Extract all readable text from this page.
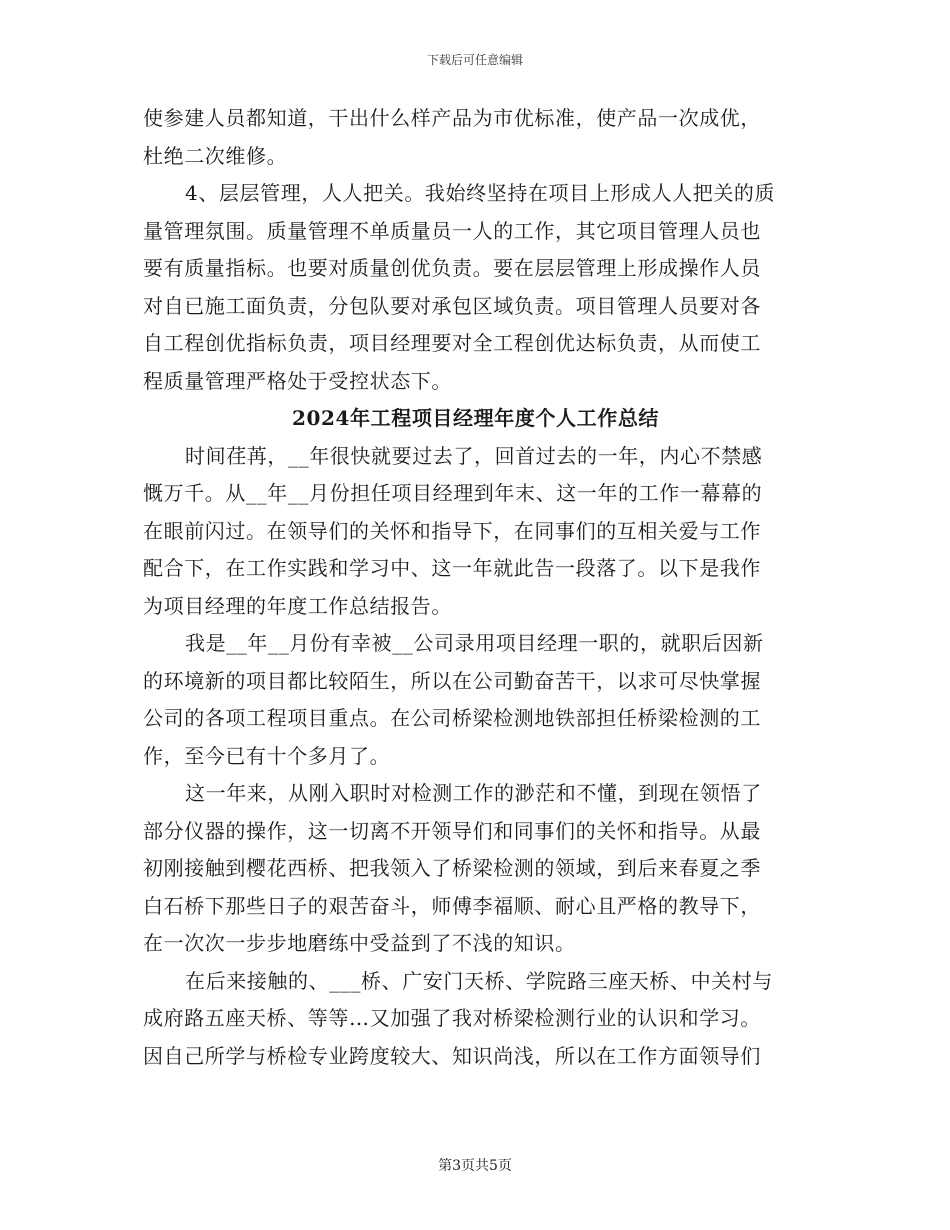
下载后可任意编辑
使参建人员都知道，干出什么样产品为市优标准，使产品一次成优，
杜绝二次维修。
4、层层管理，人人把关。我始终坚持在项目上形成人人把关的质
量管理氛围。质量管理不单质量员一人的工作，其它项目管理人员也
要有质量指标。也要对质量创优负责。要在层层管理上形成操作人员
对自已施工面负责，分包队要对承包区域负责。项目管理人员要对各
自工程创优指标负责，项目经理要对全工程创优达标负责，从而使工
程质量管理严格处于受控状态下。
2024年工程项目经理年度个人工作总结
时间荏苒，__年很快就要过去了，回首过去的一年，内心不禁感
慨万千。从__年__月份担任项目经理到年末、这一年的工作一幕幕的
在眼前闪过。在领导们的关怀和指导下，在同事们的互相关爱与工作
配合下，在工作实践和学习中、这一年就此告一段落了。以下是我作
为项目经理的年度工作总结报告。
我是__年__月份有幸被__公司录用项目经理一职的，就职后因新
的环境新的项目都比较陌生，所以在公司勤奋苦干，以求可尽快掌握
公司的各项工程项目重点。在公司桥梁检测地铁部担任桥梁检测的工
作，至今已有十个多月了。
这一年来，从刚入职时对检测工作的渺茫和不懂，到现在领悟了
部分仪器的操作，这一切离不开领导们和同事们的关怀和指导。从最
初刚接触到樱花西桥、把我领入了桥梁检测的领域，到后来春夏之季
白石桥下那些日子的艰苦奋斗，师傅李福顺、耐心且严格的教导下，
在一次次一步步地磨练中受益到了不浅的知识。
在后来接触的、___桥、广安门天桥、学院路三座天桥、中关村与
成府路五座天桥、等等…又加强了我对桥梁检测行业的认识和学习。
因自己所学与桥检专业跨度较大、知识尚浅，所以在工作方面领导们
第3页共5页
